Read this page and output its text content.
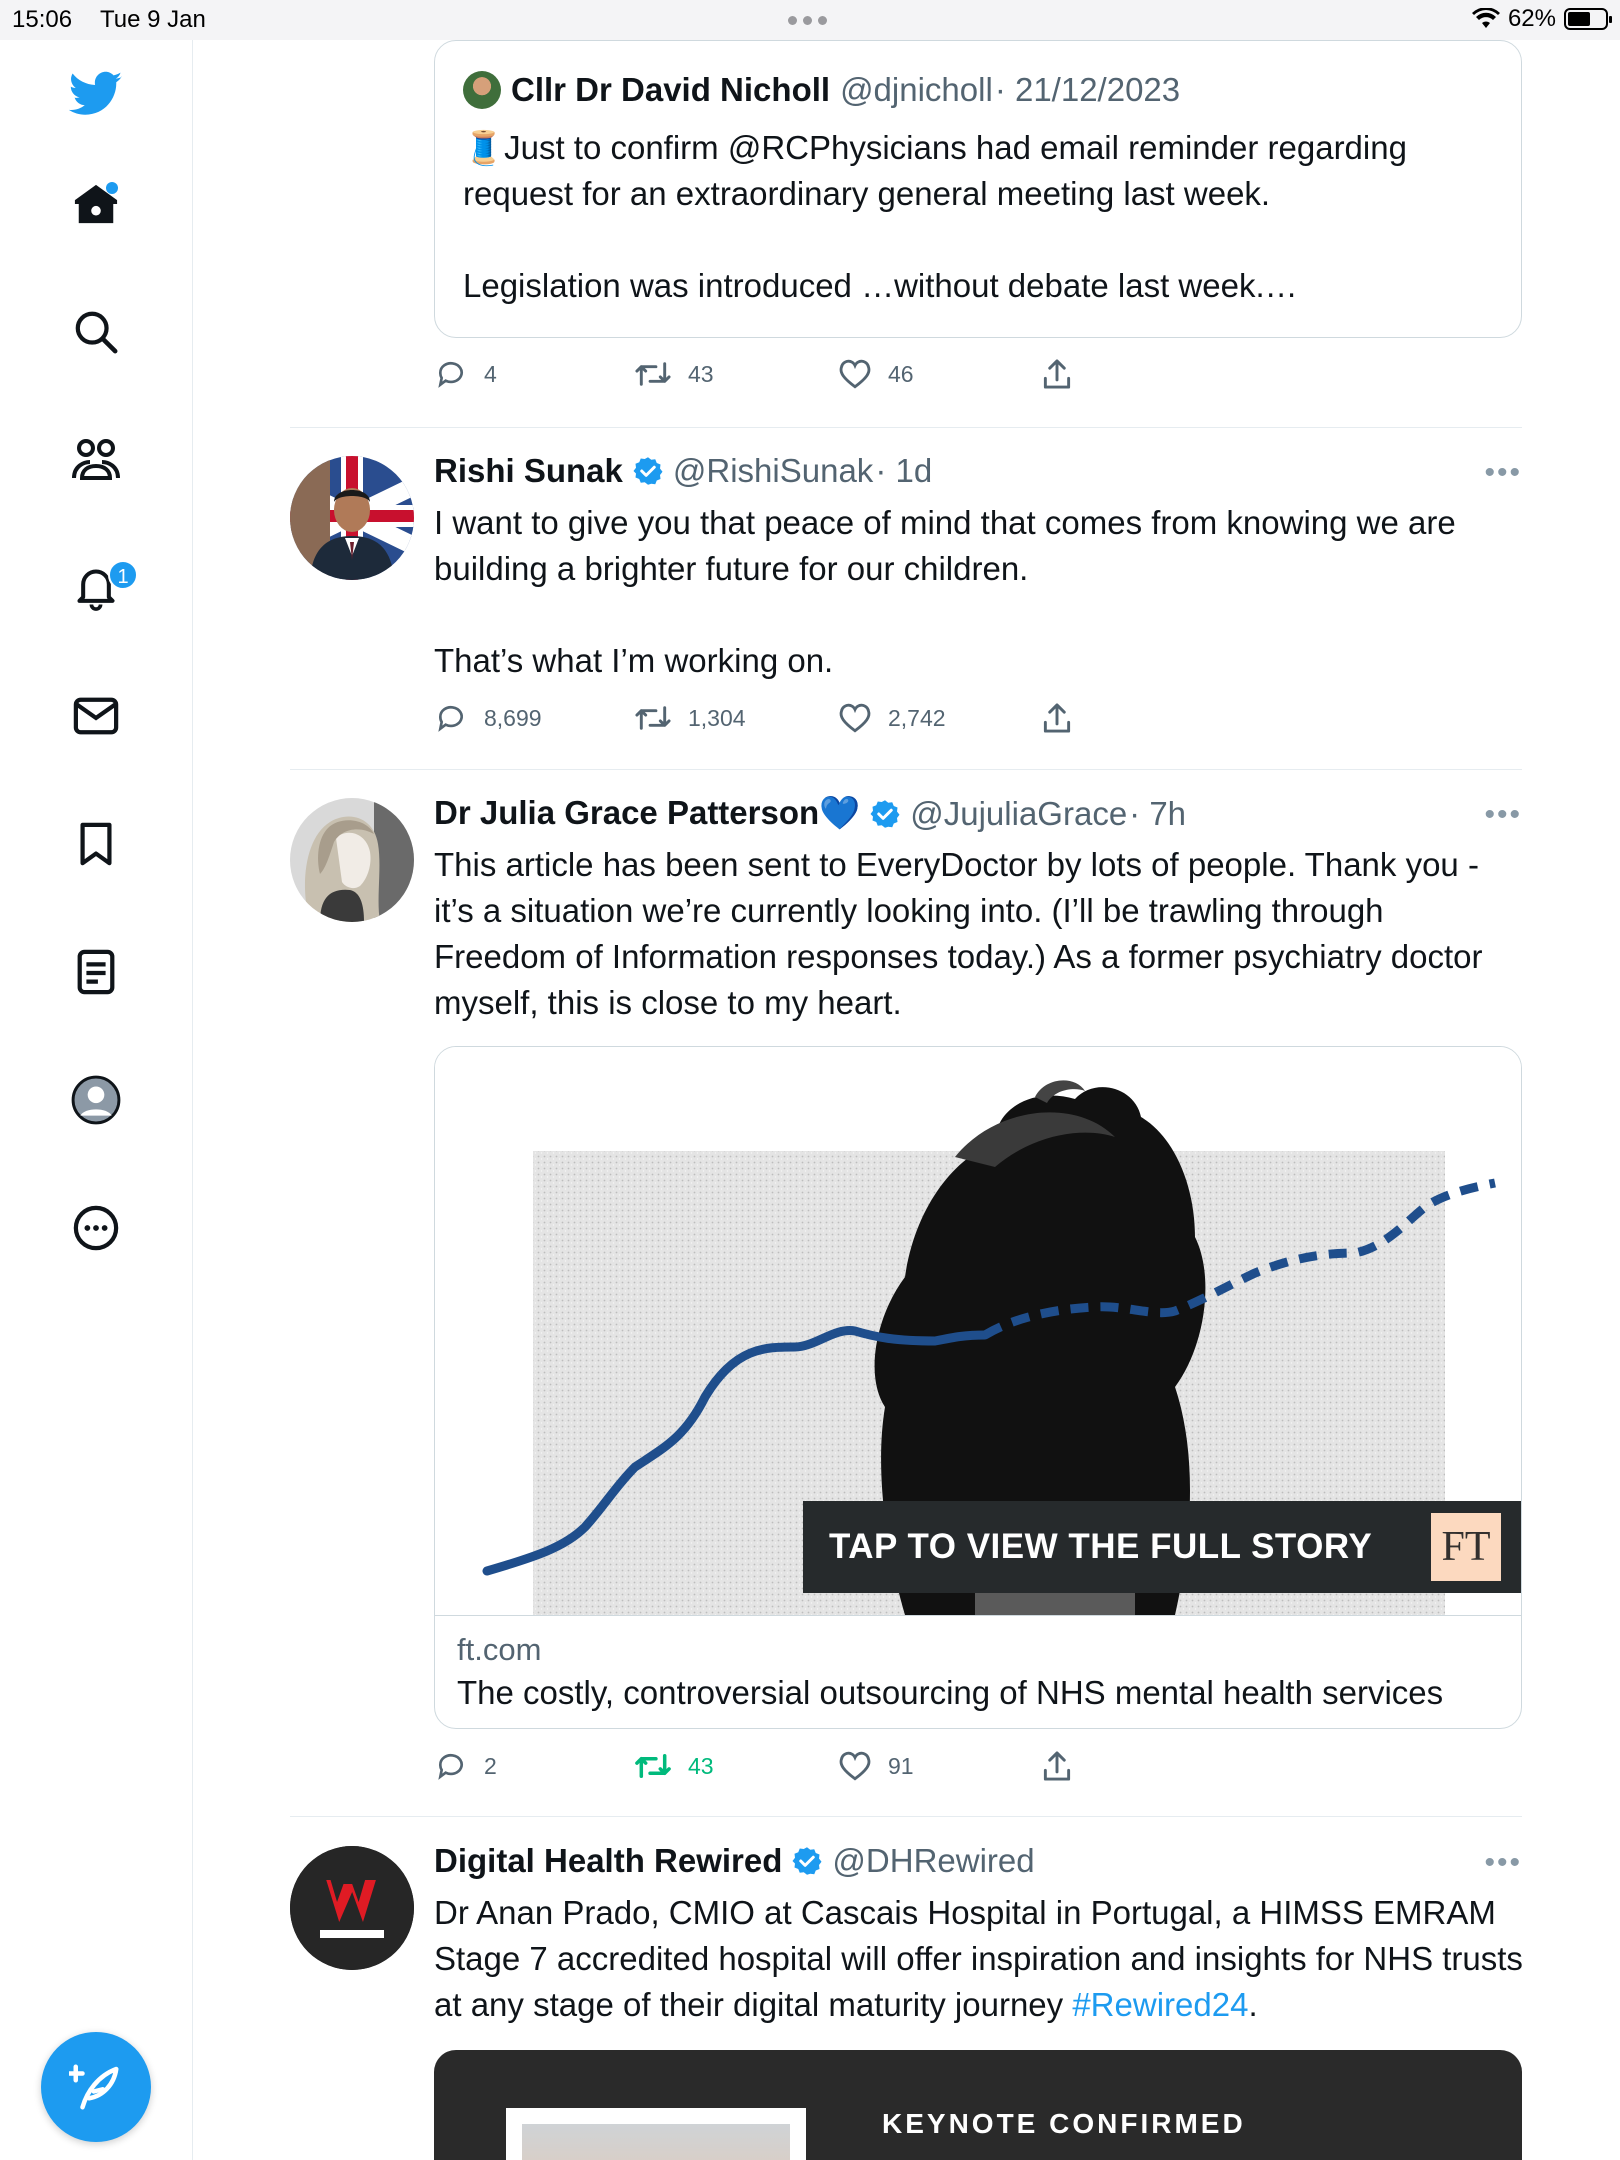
15:06 Tue 9 Jan	62%
1
Cllr Dr David Nicholl @djnicholl · 21/12/2023

🧵Just to confirm @RCPhysicians had email reminder regarding request for an extraordinary general meeting last week.

Legislation was introduced …without debate last week.…

4	43	46
Rishi Sunak @RishiSunak · 1d	•••

I want to give you that peace of mind that comes from knowing we are building a brighter future for our children.

That’s what I’m working on.

8,699	1,304	2,742
Dr Julia Grace Patterson💙 @JujuliaGrace · 7h	•••

This article has been sent to EveryDoctor by lots of people. Thank you - it’s a situation we’re currently looking into. (I’ll be trawling through Freedom of Information responses today.) As a former psychiatry doctor myself, this is close to my heart.

TAP TO VIEW THE FULL STORY FT
ft.com
The costly, controversial outsourcing of NHS mental health services
2	43	91
Digital Health Rewired @DHRewired	•••

Dr Anan Prado, CMIO at Cascais Hospital in Portugal, a HIMSS EMRAM Stage 7 accredited hospital will offer inspiration and insights for NHS trusts at any stage of their digital maturity journey #Rewired24.

KEYNOTE CONFIRMED
